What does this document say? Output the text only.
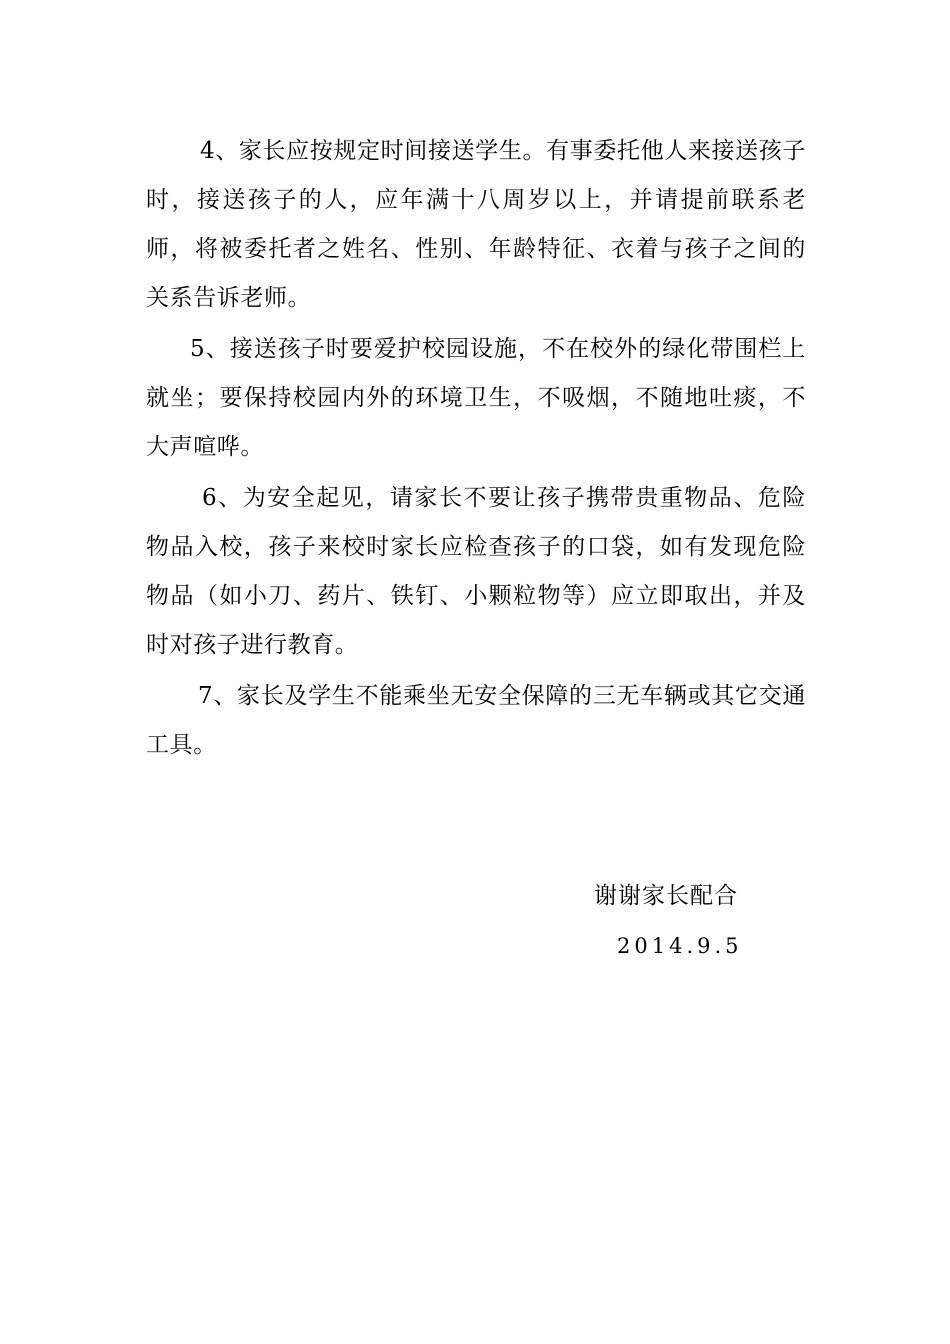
4、家长应按规定时间接送学生。有事委托他人来接送孩子时，接送孩子的人，应年满十八周岁以上，并请提前联系老师，将被委托者之姓名、性别、年龄特征、衣着与孩子之间的关系告诉老师。

5、接送孩子时要爱护校园设施，不在校外的绿化带围栏上就坐；要保持校园内外的环境卫生，不吸烟，不随地吐痰，不大声喧哗。

6、为安全起见，请家长不要让孩子携带贵重物品、危险物品入校，孩子来校时家长应检查孩子的口袋，如有发现危险物品（如小刀、药片、铁钉、小颗粒物等）应立即取出，并及时对孩子进行教育。

7、家长及学生不能乘坐无安全保障的三无车辆或其它交通工具。

谢谢家长配合
2014.9.5
